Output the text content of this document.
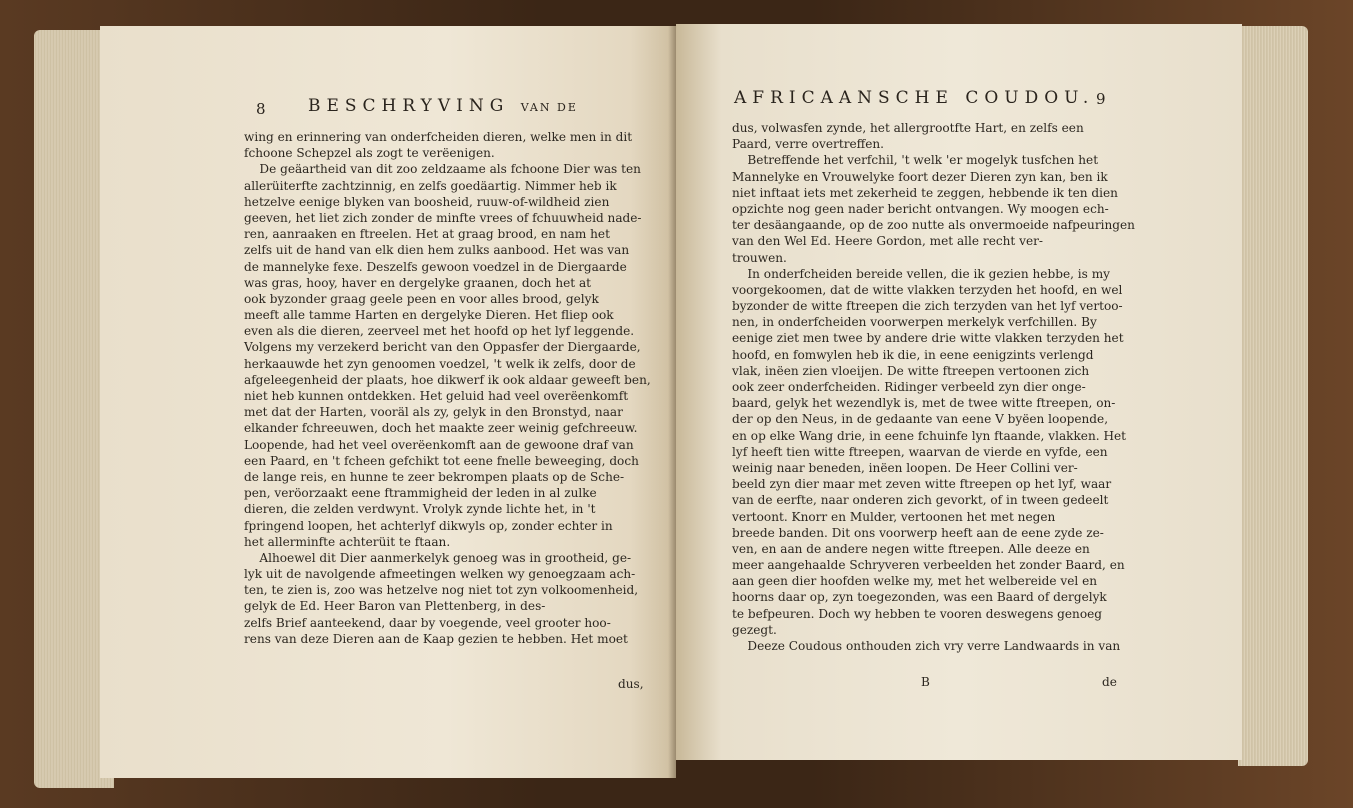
8 BESCHRYVING VAN DE
wing en erinnering van onderfcheiden dieren, welke men in dit
fchoone Schepzel als zogt te verëenigen.
De geäartheid van dit zoo zeldzaame als fchoone Dier was ten
allerüiterfte zachtzinnig, en zelfs goedäartig. Nimmer heb ik
hetzelve eenige blyken van boosheid, ruuw-of-wildheid zien
geeven, het liet zich zonder de minfte vrees of fchuuwheid nade-
ren, aanraaken en ftreelen. Het at graag brood, en nam het
zelfs uit de hand van elk dien hem zulks aanbood. Het was van
de mannelyke fexe. Deszelfs gewoon voedzel in de Diergaarde
was gras, hooy, haver en dergelyke graanen, doch het at
ook byzonder graag geele peen en voor alles brood, gelyk
meeft alle tamme Harten en dergelyke Dieren. Het fliep ook
even als die dieren, zeerveel met het hoofd op het lyf leggende.
Volgens my verzekerd bericht van den Oppasfer der Diergaarde,
herkaauwde het zyn genoomen voedzel, 't welk ik zelfs, door de
afgeleegenheid der plaats, hoe dikwerf ik ook aldaar geweeft ben,
niet heb kunnen ontdekken. Het geluid had veel overëenkomft
met dat der Harten, vooräl als zy, gelyk in den Bronstyd, naar
elkander fchreeuwen, doch het maakte zeer weinig gefchreeuw.
Loopende, had het veel overëenkomft aan de gewoone draf van
een Paard, en 't fcheen gefchikt tot eene fnelle beweeging, doch
de lange reis, en hunne te zeer bekrompen plaats op de Sche-
pen, veröorzaakt eene ftrammigheid der leden in al zulke
dieren, die zelden verdwynt. Vrolyk zynde lichte het, in 't
fpringend loopen, het achterlyf dikwyls op, zonder echter in
het allerminfte achterüit te ftaan.
Alhoewel dit Dier aanmerkelyk genoeg was in grootheid, ge-
lyk uit de navolgende afmeetingen welken wy genoegzaam ach-
ten, te zien is, zoo was hetzelve nog niet tot zyn volkoomenheid,
gelyk de Ed. Heer Baron van Plettenberg, in des-
zelfs Brief aanteekend, daar by voegende, veel grooter hoo-
rens van deze Dieren aan de Kaap gezien te hebben. Het moet
dus,
AFRICAANSCHE COUDOU. 9
dus, volwasfen zynde, het allergrootfte Hart, en zelfs een
Paard, verre overtreffen.
Betreffende het verfchil, 't welk 'er mogelyk tusfchen het
Mannelyke en Vrouwelyke foort dezer Dieren zyn kan, ben ik
niet inftaat iets met zekerheid te zeggen, hebbende ik ten dien
opzichte nog geen nader bericht ontvangen. Wy moogen ech-
ter desäangaande, op de zoo nutte als onvermoeide nafpeuringen
van den Wel Ed. Heere Gordon, met alle recht ver-
trouwen.
In onderfcheiden bereide vellen, die ik gezien hebbe, is my
voorgekoomen, dat de witte vlakken terzyden het hoofd, en wel
byzonder de witte ftreepen die zich terzyden van het lyf vertoo-
nen, in onderfcheiden voorwerpen merkelyk verfchillen. By
eenige ziet men twee by andere drie witte vlakken terzyden het
hoofd, en fomwylen heb ik die, in eene eenigzints verlengd
vlak, inëen zien vloeijen. De witte ftreepen vertoonen zich
ook zeer onderfcheiden. Ridinger verbeeld zyn dier onge-
baard, gelyk het wezendlyk is, met de twee witte ftreepen, on-
der op den Neus, in de gedaante van eene V byëen loopende,
en op elke Wang drie, in eene fchuinfe lyn ftaande, vlakken. Het
lyf heeft tien witte ftreepen, waarvan de vierde en vyfde, een
weinig naar beneden, inëen loopen. De Heer Collini ver-
beeld zyn dier maar met zeven witte ftreepen op het lyf, waar
van de eerfte, naar onderen zich gevorkt, of in tween gedeelt
vertoont. Knorr en Mulder, vertoonen het met negen
breede banden. Dit ons voorwerp heeft aan de eene zyde ze-
ven, en aan de andere negen witte ftreepen. Alle deeze en
meer aangehaalde Schryveren verbeelden het zonder Baard, en
aan geen dier hoofden welke my, met het welbereide vel en
hoorns daar op, zyn toegezonden, was een Baard of dergelyk
te befpeuren. Doch wy hebben te vooren deswegens genoeg
gezegt.
Deeze Coudous onthouden zich vry verre Landwaards in van
B	de
